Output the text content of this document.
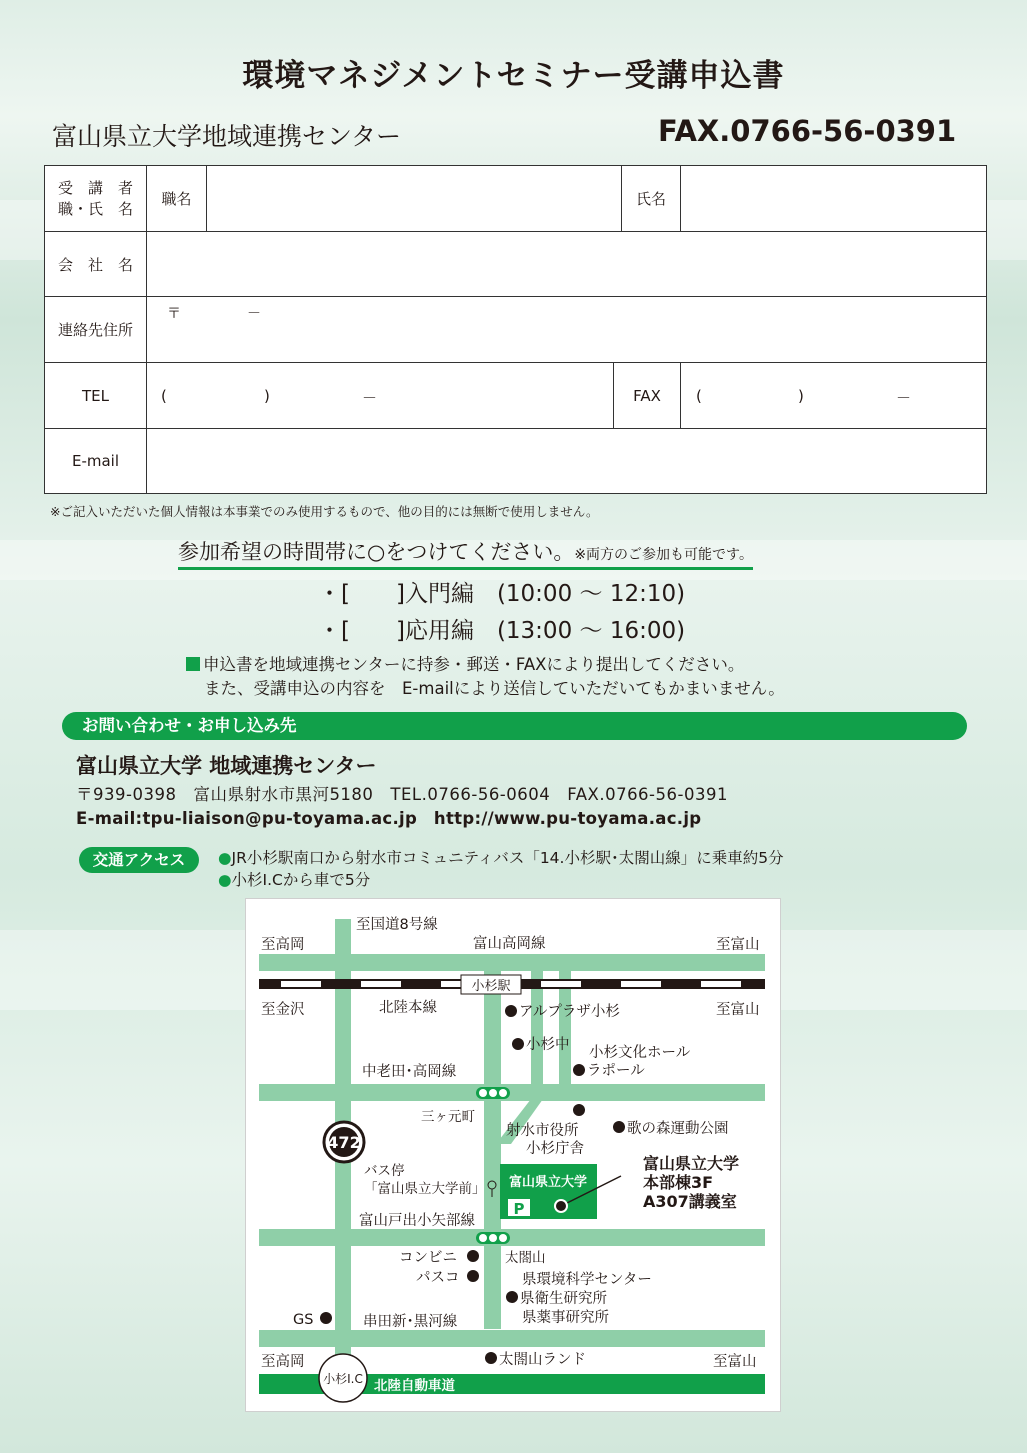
環境マネジメントセミナー受講申込書
富山県立大学地域連携センター	FAX.0766-56-0391
受　講　者
職・氏　名	職名			氏名	
会　社　名					
連絡先住所	〒 －				

TEL	( ) －		FAX		( ) －

E-mail					
※ご記入いただいた個人情報は本事業でのみ使用するもので、他の目的には無断で使用しません。
参加希望の時間帯に○をつけてください。※両方のご参加も可能です。
・[　　]入門編　(10:00 ～ 12:10)
・[　　]応用編　(13:00 ～ 16:00)
申込書を地域連携センターに持参・郵送・FAXにより提出してください。
また、受講申込の内容を　E-mailにより送信していただいてもかまいません。
お問い合わせ・お申し込み先
富山県立大学 地域連携センター
〒939-0398　富山県射水市黒河5180　TEL.0766-56-0604　FAX.0766-56-0391
E-mail:tpu-liaison@pu-toyama.ac.jp　http://www.pu-toyama.ac.jp
交通アクセス	●JR小杉駅南口から射水市コミュニティバス「14.小杉駅･太閤山線」に乗車約5分
●小杉I.Cから車で5分
472
至国道8号線
至高岡	富山高岡線	至富山
小杉駅
至金沢	北陸本線	アルプラザ小杉	至富山
小杉中 小杉文化ホール
ラポール
中老田･高岡線
三ヶ元町
射水市役所
小杉庁舎
歌の森運動公園
バス停
「富山県立大学前」 富山県立大学
P
富山県立大学
本部棟3F
A307講義室
富山戸出小矢部線
コンビニ
パスコ
太閤山
県環境科学センター
県衛生研究所
県薬事研究所
GS	串田新･黒河線
至高岡	太閤山ランド	至富山
小杉I.C 北陸自動車道
